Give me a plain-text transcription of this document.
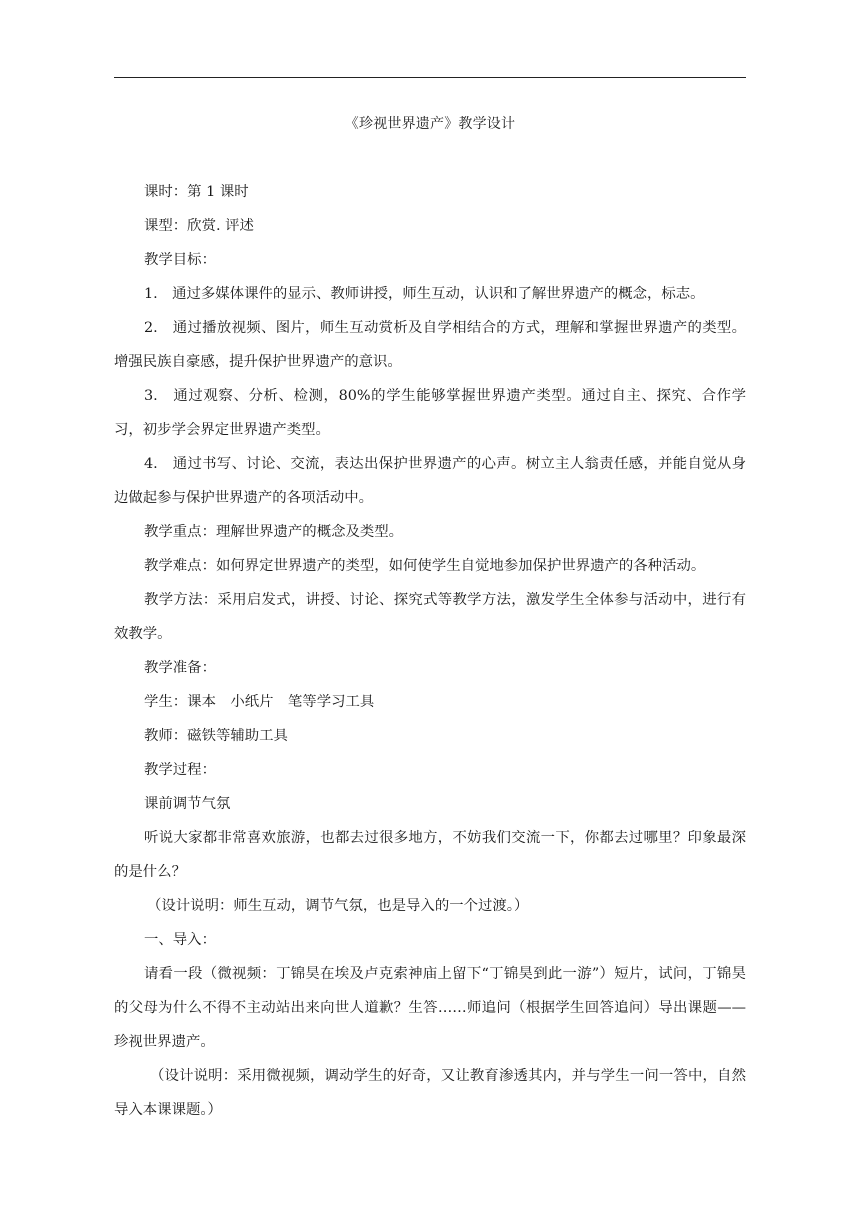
《珍视世界遗产》教学设计

课时：第 1 课时

课型：欣赏. 评述

教学目标：

1.　通过多媒体课件的显示、教师讲授，师生互动，认识和了解世界遗产的概念，标志。

2.　通过播放视频、图片，师生互动赏析及自学相结合的方式，理解和掌握世界遗产的类型。增强民族自豪感，提升保护世界遗产的意识。

3.　通过观察、分析、检测，80%的学生能够掌握世界遗产类型。通过自主、探究、合作学习，初步学会界定世界遗产类型。

4.　通过书写、讨论、交流，表达出保护世界遗产的心声。树立主人翁责任感，并能自觉从身边做起参与保护世界遗产的各项活动中。

教学重点：理解世界遗产的概念及类型。

教学难点：如何界定世界遗产的类型，如何使学生自觉地参加保护世界遗产的各种活动。

教学方法：采用启发式，讲授、讨论、探究式等教学方法，激发学生全体参与活动中，进行有效教学。

教学准备：

学生：课本　小纸片　笔等学习工具

教师：磁铁等辅助工具

教学过程：

课前调节气氛

听说大家都非常喜欢旅游，也都去过很多地方，不妨我们交流一下，你都去过哪里？印象最深的是什么？

（设计说明：师生互动，调节气氛，也是导入的一个过渡。）

一、导入：

请看一段（微视频：丁锦昊在埃及卢克索神庙上留下“丁锦昊到此一游”）短片，试问，丁锦昊的父母为什么不得不主动站出来向世人道歉？生答……师追问（根据学生回答追问）导出课题——珍视世界遗产。

（设计说明：采用微视频，调动学生的好奇，又让教育渗透其内，并与学生一问一答中，自然导入本课课题。）
